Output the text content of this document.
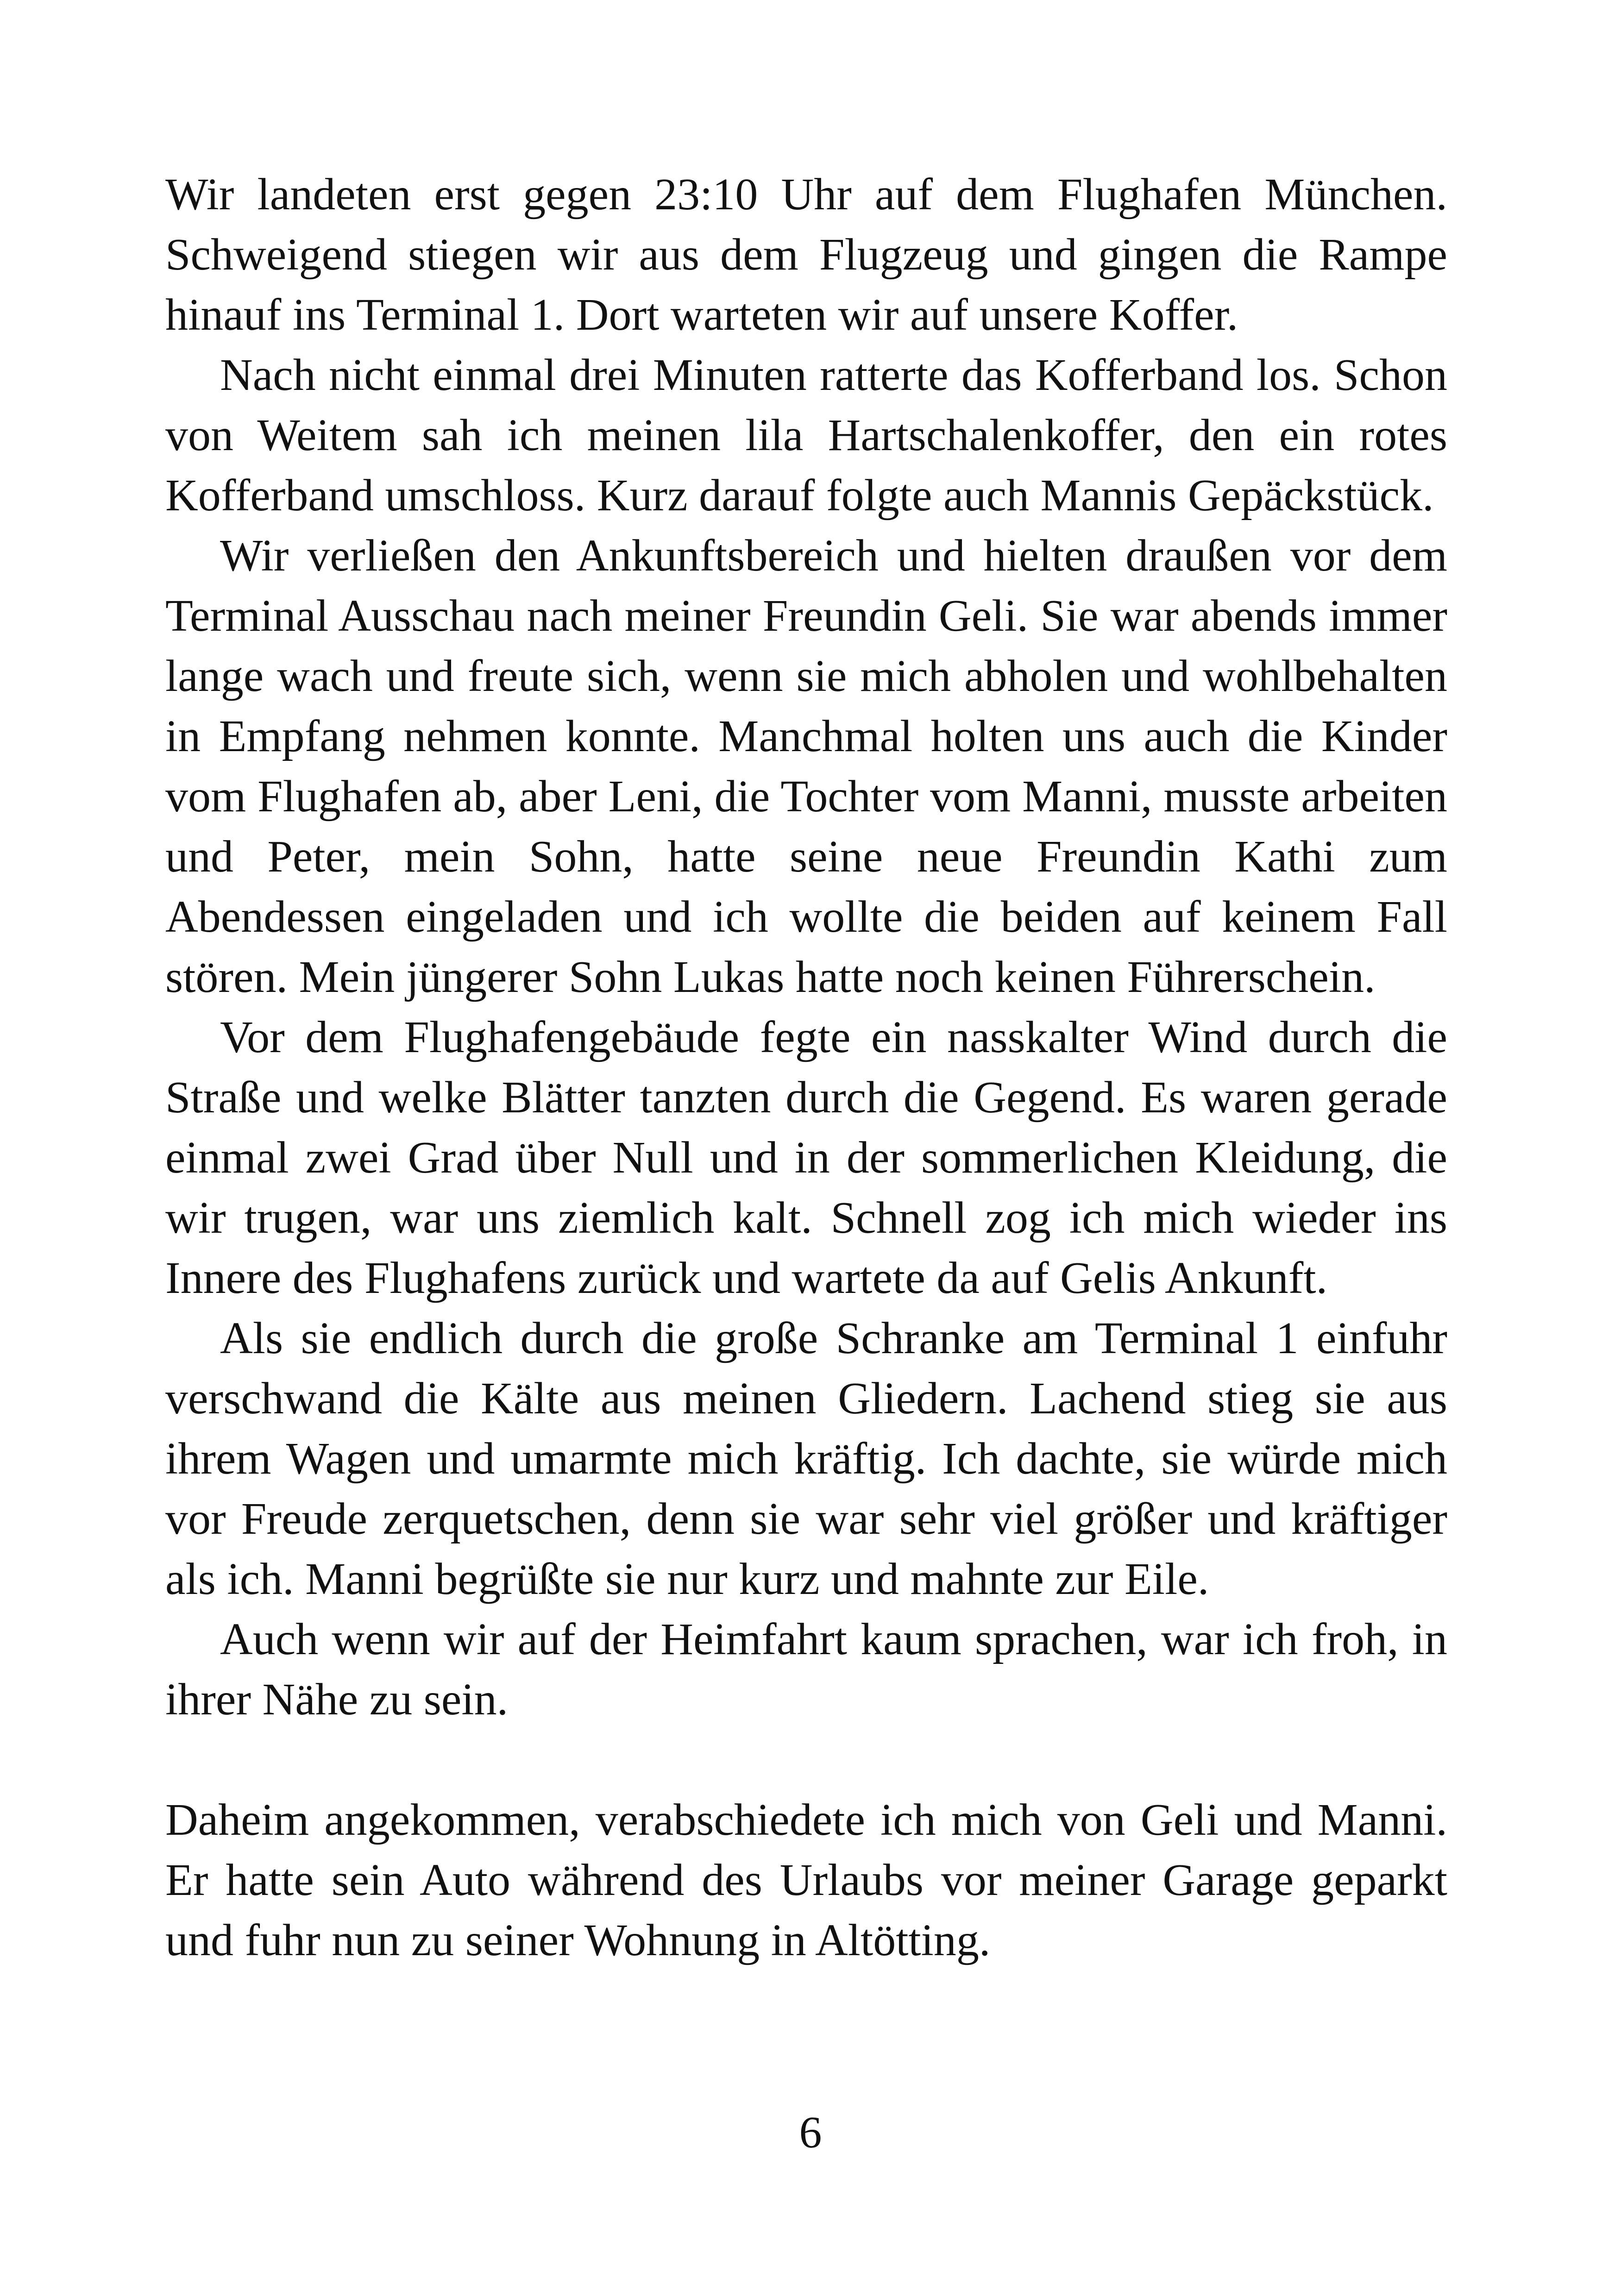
Wir landeten erst gegen 23:10 Uhr auf dem Flughafen München. Schweigend stiegen wir aus dem Flugzeug und gingen die Rampe hinauf ins Terminal 1. Dort warteten wir auf unsere Koffer.

Nach nicht einmal drei Minuten ratterte das Kofferband los. Schon von Weitem sah ich meinen lila Hartschalenkoffer, den ein rotes Kofferband umschloss. Kurz darauf folgte auch Mannis Gepäckstück.

Wir verließen den Ankunftsbereich und hielten draußen vor dem Terminal Ausschau nach meiner Freundin Geli. Sie war abends immer lange wach und freute sich, wenn sie mich abholen und wohlbehalten in Empfang nehmen konnte. Manchmal holten uns auch die Kinder vom Flughafen ab, aber Leni, die Tochter vom Manni, musste arbeiten und Peter, mein Sohn, hatte seine neue Freundin Kathi zum Abendessen eingeladen und ich wollte die beiden auf keinem Fall stören. Mein jüngerer Sohn Lukas hatte noch keinen Führerschein.

Vor dem Flughafengebäude fegte ein nasskalter Wind durch die Straße und welke Blätter tanzten durch die Gegend. Es waren gerade einmal zwei Grad über Null und in der sommerlichen Kleidung, die wir trugen, war uns ziemlich kalt. Schnell zog ich mich wieder ins Innere des Flughafens zurück und wartete da auf Gelis Ankunft.

Als sie endlich durch die große Schranke am Terminal 1 einfuhr verschwand die Kälte aus meinen Gliedern. Lachend stieg sie aus ihrem Wagen und umarmte mich kräftig. Ich dachte, sie würde mich vor Freude zerquetschen, denn sie war sehr viel größer und kräftiger als ich. Manni begrüßte sie nur kurz und mahnte zur Eile.

Auch wenn wir auf der Heimfahrt kaum sprachen, war ich froh, in ihrer Nähe zu sein.

Daheim angekommen, verabschiedete ich mich von Geli und Manni. Er hatte sein Auto während des Urlaubs vor meiner Garage geparkt und fuhr nun zu seiner Wohnung in Altötting.

6
